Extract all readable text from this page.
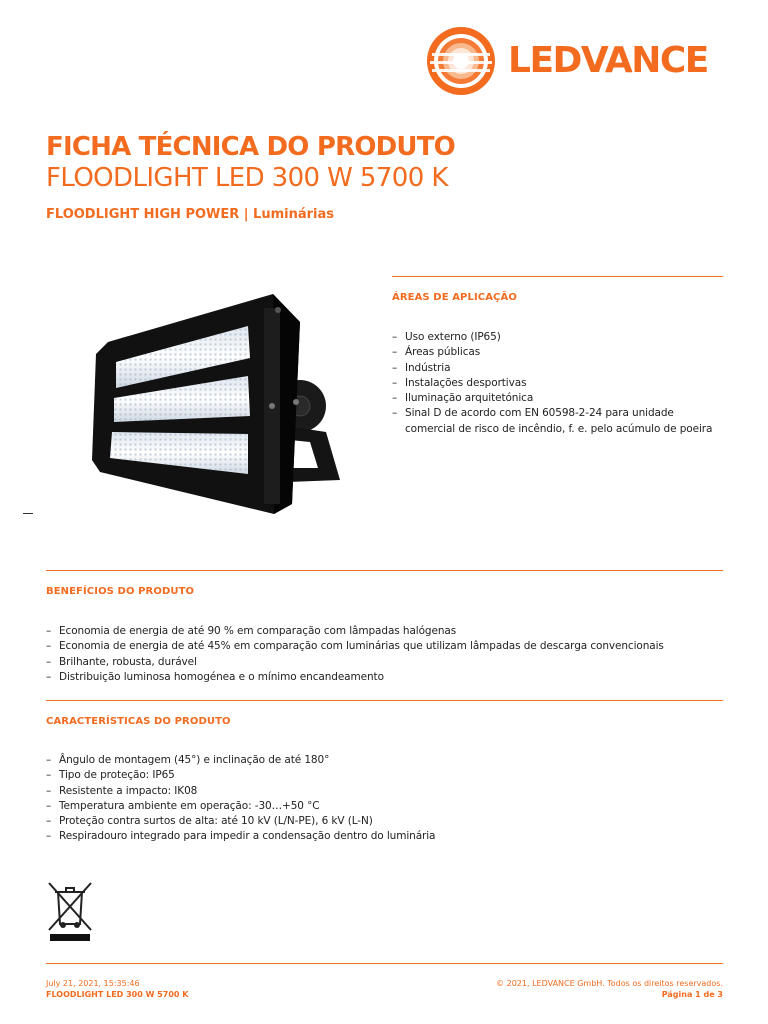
LEDVANCE
FICHA TÉCNICA DO PRODUTO
FLOODLIGHT LED 300 W 5700 K
FLOODLIGHT HIGH POWER | Luminárias
ÁREAS DE APLICAÇÃO
– Uso externo (IP65)
– Áreas públicas
– Indústria
– Instalações desportivas
– Iluminação arquitetónica
– Sinal D de acordo com EN 60598-2-24 para unidade comercial de risco de incêndio, f. e. pelo acúmulo de poeira
BENEFÍCIOS DO PRODUTO
– Economia de energia de até 90 % em comparação com lâmpadas halógenas
– Economia de energia de até 45% em comparação com luminárias que utilizam lâmpadas de descarga convencionais
– Brilhante, robusta, durável
– Distribuição luminosa homogénea e o mínimo encandeamento
CARACTERÍSTICAS DO PRODUTO
– Ângulo de montagem (45°) e inclinação de até 180°
– Tipo de proteção: IP65
– Resistente a impacto: IK08
– Temperatura ambiente em operação: -30…+50 °C
– Proteção contra surtos de alta: até 10 kV (L/N-PE), 6 kV (L-N)
– Respiradouro integrado para impedir a condensação dentro do luminária
July 21, 2021, 15:35:46
FLOODLIGHT LED 300 W 5700 K
© 2021, LEDVANCE GmbH. Todos os direitos reservados.
Página 1 de 3
